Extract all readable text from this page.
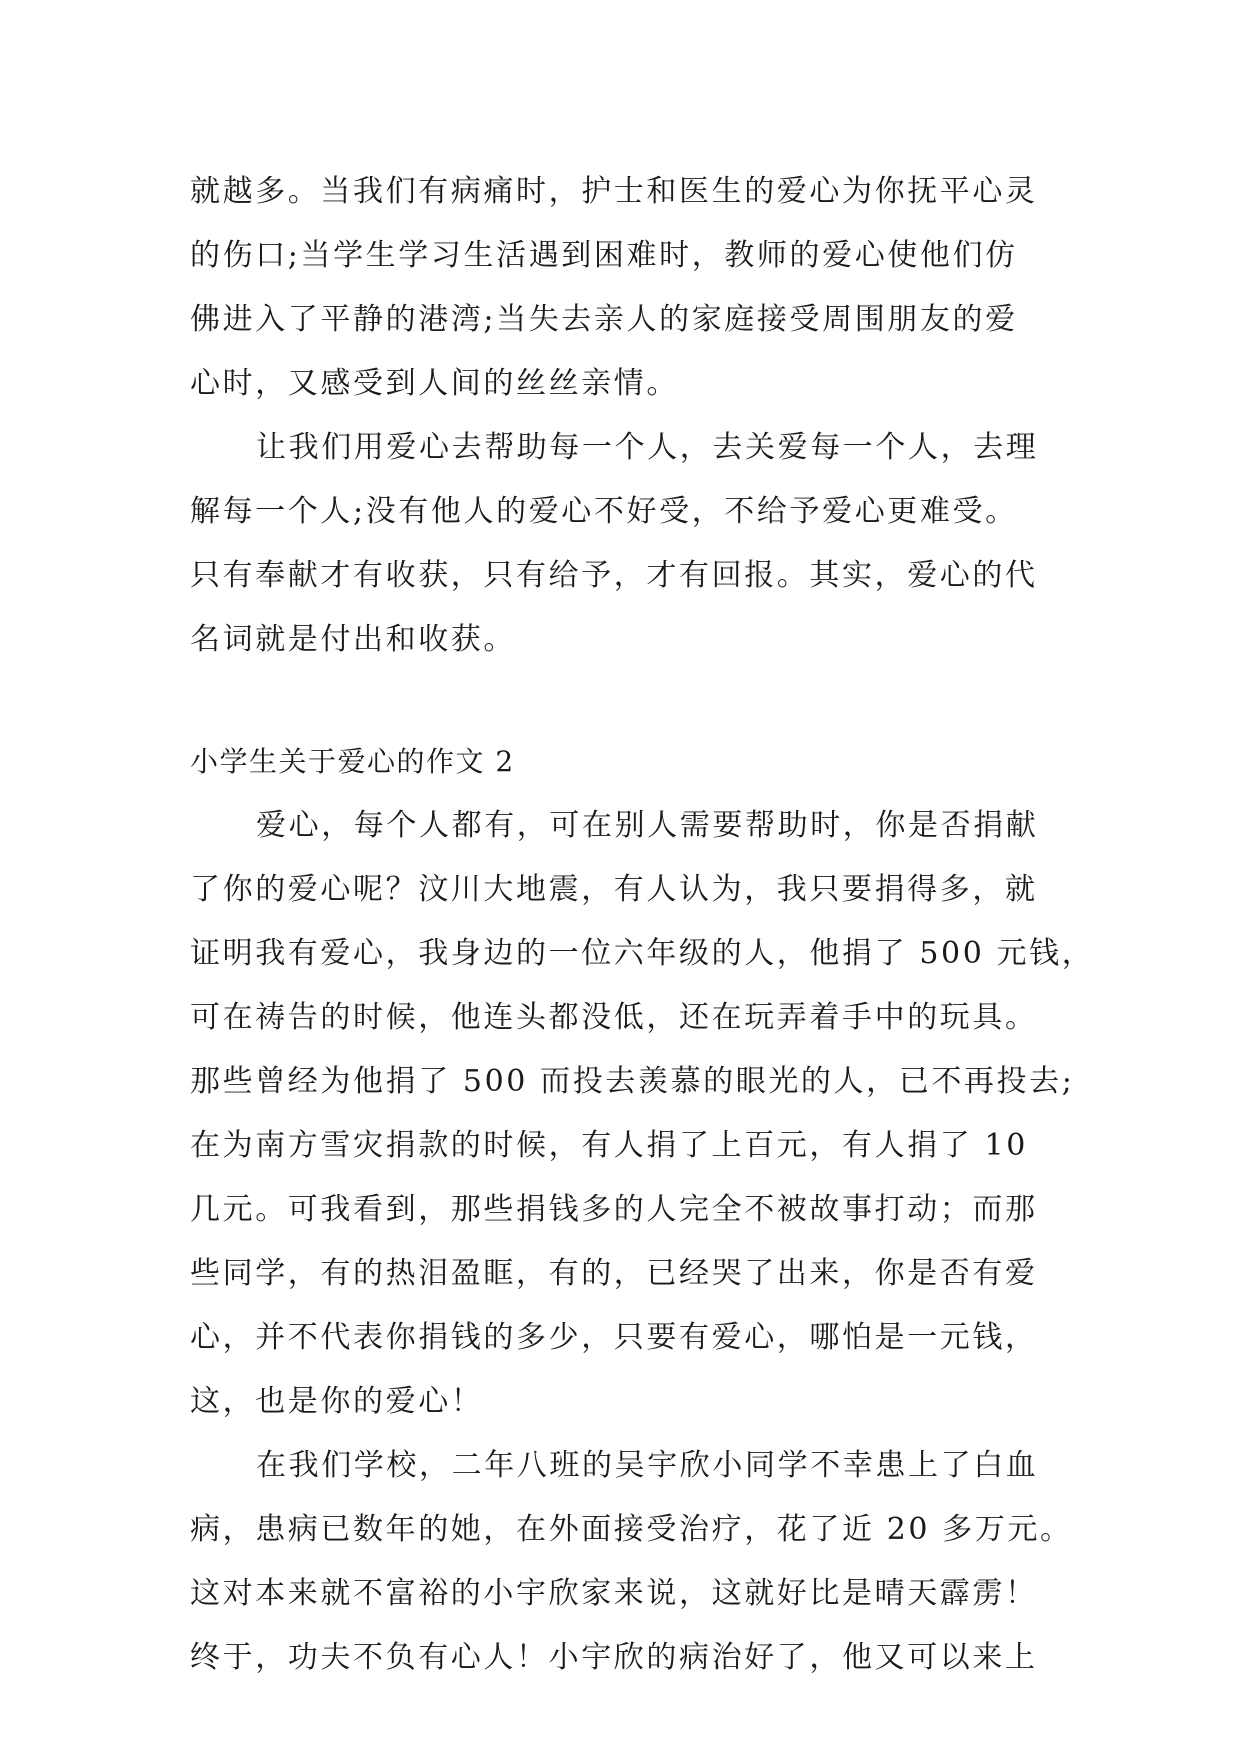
就越多。当我们有病痛时，护士和医生的爱心为你抚平心灵
的伤口;当学生学习生活遇到困难时，教师的爱心使他们仿
佛进入了平静的港湾;当失去亲人的家庭接受周围朋友的爱
心时，又感受到人间的丝丝亲情。
让我们用爱心去帮助每一个人，去关爱每一个人，去理
解每一个人;没有他人的爱心不好受，不给予爱心更难受。
只有奉献才有收获，只有给予，才有回报。其实，爱心的代
名词就是付出和收获。
小学生关于爱心的作文 2
爱心，每个人都有，可在别人需要帮助时，你是否捐献
了你的爱心呢？汶川大地震，有人认为，我只要捐得多，就
证明我有爱心，我身边的一位六年级的人，他捐了 500 元钱，
可在祷告的时候，他连头都没低，还在玩弄着手中的玩具。
那些曾经为他捐了 500 而投去羡慕的眼光的人，已不再投去;
在为南方雪灾捐款的时候，有人捐了上百元，有人捐了 10
几元。可我看到，那些捐钱多的人完全不被故事打动；而那
些同学，有的热泪盈眶，有的，已经哭了出来，你是否有爱
心，并不代表你捐钱的多少，只要有爱心，哪怕是一元钱，
这，也是你的爱心！
在我们学校，二年八班的吴宇欣小同学不幸患上了白血
病，患病已数年的她，在外面接受治疗，花了近 20 多万元。
这对本来就不富裕的小宇欣家来说，这就好比是晴天霹雳！
终于，功夫不负有心人！小宇欣的病治好了，他又可以来上
